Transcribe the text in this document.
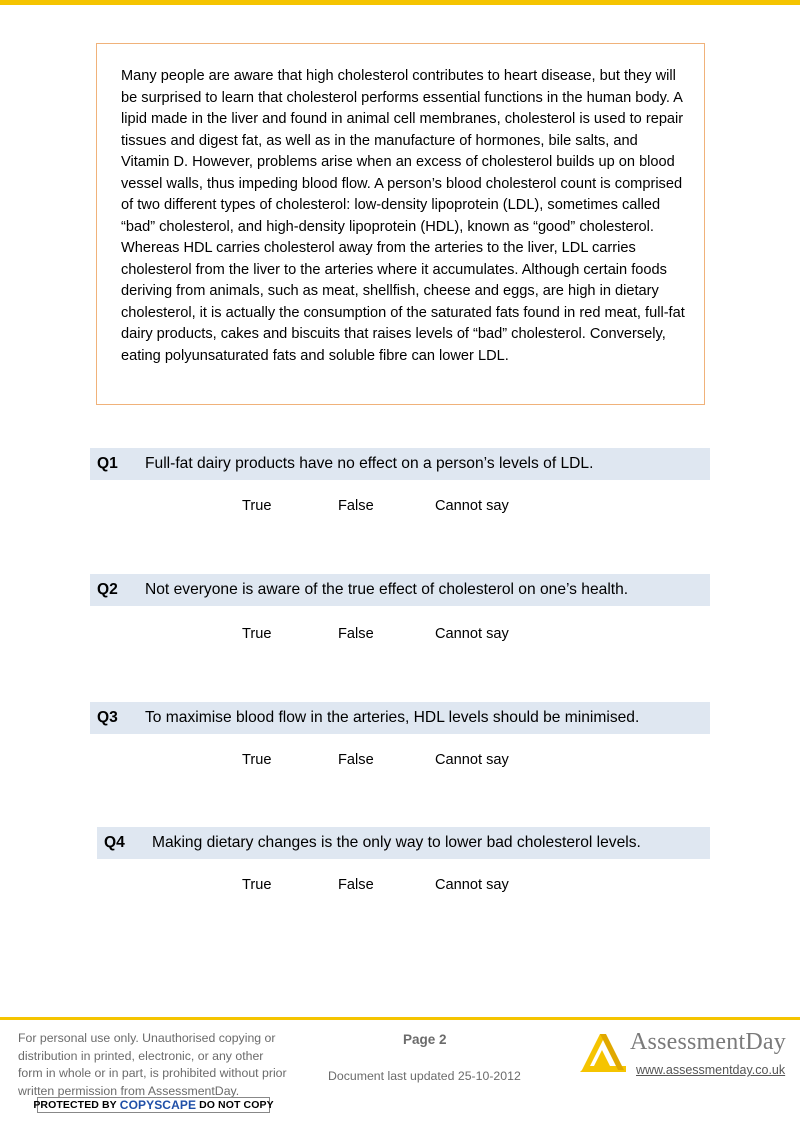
Many people are aware that high cholesterol contributes to heart disease, but they will be surprised to learn that cholesterol performs essential functions in the human body. A lipid made in the liver and found in animal cell membranes, cholesterol is used to repair tissues and digest fat, as well as in the manufacture of hormones, bile salts, and Vitamin D. However, problems arise when an excess of cholesterol builds up on blood vessel walls, thus impeding blood flow. A person’s blood cholesterol count is comprised of two different types of cholesterol: low-density lipoprotein (LDL), sometimes called “bad” cholesterol, and high-density lipoprotein (HDL), known as “good” cholesterol. Whereas HDL carries cholesterol away from the arteries to the liver, LDL carries cholesterol from the liver to the arteries where it accumulates. Although certain foods deriving from animals, such as meat, shellfish, cheese and eggs, are high in dietary cholesterol, it is actually the consumption of the saturated fats found in red meat, full-fat dairy products, cakes and biscuits that raises levels of “bad” cholesterol. Conversely, eating polyunsaturated fats and soluble fibre can lower LDL.

Q1	Full-fat dairy products have no effect on a person’s levels of LDL.
True	False	Cannot say
Q2	Not everyone is aware of the true effect of cholesterol on one’s health.
True	False	Cannot say
Q3	To maximise blood flow in the arteries, HDL levels should be minimised.
True	False	Cannot say
Q4	Making dietary changes is the only way to lower bad cholesterol levels.
True	False	Cannot say

For personal use only. Unauthorised copying or distribution in printed, electronic, or any other form in whole or in part, is prohibited without prior written permission from AssessmentDay.

PROTECTED BY COPYSCAPE DO NOT COPY
Page 2
Document last updated 25-10-2012
AssessmentDay
www.assessmentday.co.uk
